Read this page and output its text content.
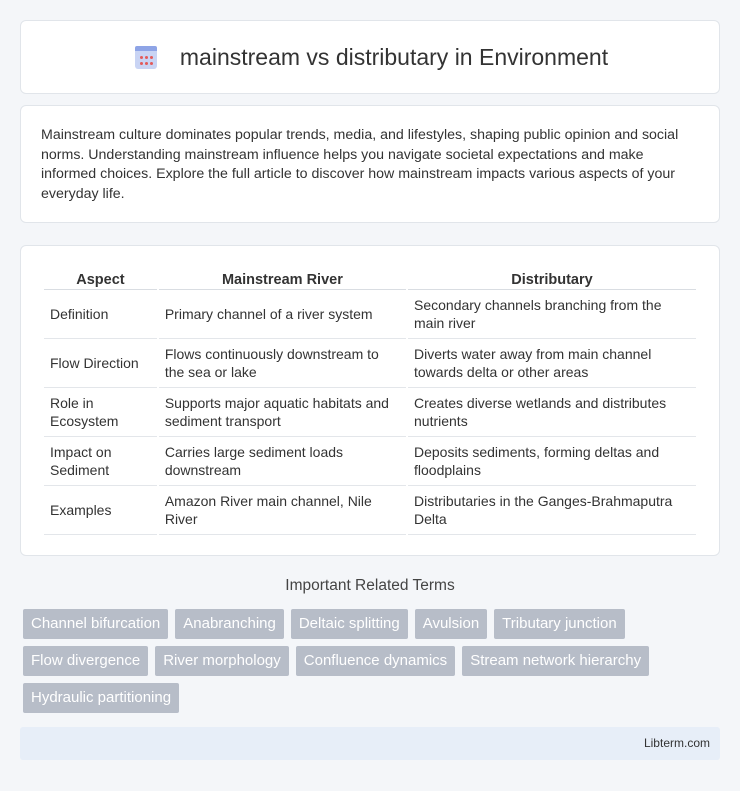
mainstream vs distributary in Environment

Mainstream culture dominates popular trends, media, and lifestyles, shaping public opinion and social norms. Understanding mainstream influence helps you navigate societal expectations and make informed choices. Explore the full article to discover how mainstream impacts various aspects of your everyday life.

Aspect	Mainstream River	Distributary
Definition	Primary channel of a river system	Secondary channels branching from the main river
Flow Direction	Flows continuously downstream to the sea or lake	Diverts water away from main channel towards delta or other areas
Role in Ecosystem	Supports major aquatic habitats and sediment transport	Creates diverse wetlands and distributes nutrients
Impact on Sediment	Carries large sediment loads downstream	Deposits sediments, forming deltas and floodplains
Examples	Amazon River main channel, Nile River	Distributaries in the Ganges-Brahmaputra Delta
Important Related Terms
Channel bifurcation	Anabranching	Deltaic splitting	Avulsion	Tributary junction
Flow divergence	River morphology	Confluence dynamics	Stream network hierarchy
Hydraulic partitioning
Libterm.com
